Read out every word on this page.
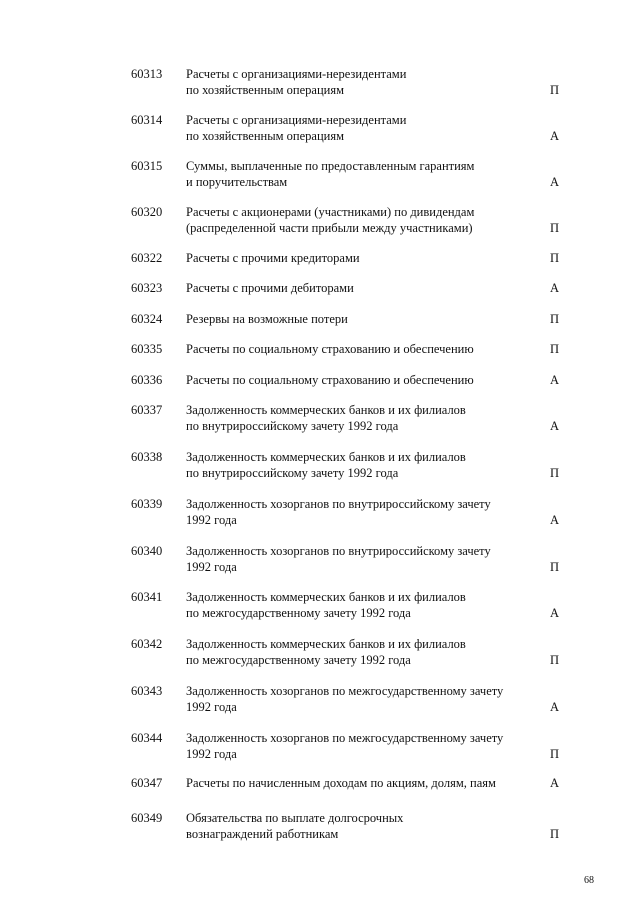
60313	Расчеты с организациями-нерезидентами
по хозяйственным операциям	П
60314	Расчеты с организациями-нерезидентами
по хозяйственным операциям	А
60315	Суммы, выплаченные по предоставленным гарантиям
и поручительствам	А
60320	Расчеты с акционерами (участниками) по дивидендам
(распределенной части прибыли между участниками)	П
60322	Расчеты с прочими кредиторами	П
60323	Расчеты с прочими дебиторами	А
60324	Резервы на возможные потери	П
60335	Расчеты по социальному страхованию и обеспечению	П
60336	Расчеты по социальному страхованию и обеспечению	А
60337	Задолженность коммерческих банков и их филиалов
по внутрироссийскому зачету 1992 года	А
60338	Задолженность коммерческих банков и их филиалов
по внутрироссийскому зачету 1992 года	П
60339	Задолженность хозорганов по внутрироссийскому зачету
1992 года	А
60340	Задолженность хозорганов по внутрироссийскому зачету
1992 года	П
60341	Задолженность коммерческих банков и их филиалов
по межгосударственному зачету 1992 года	А
60342	Задолженность коммерческих банков и их филиалов
по межгосударственному зачету 1992 года	П
60343	Задолженность хозорганов по межгосударственному зачету
1992 года	А
60344	Задолженность хозорганов по межгосударственному зачету
1992 года	П
60347	Расчеты по начисленным доходам по акциям, долям, паям	А
60349	Обязательства по выплате долгосрочных
вознаграждений работникам	П
68
